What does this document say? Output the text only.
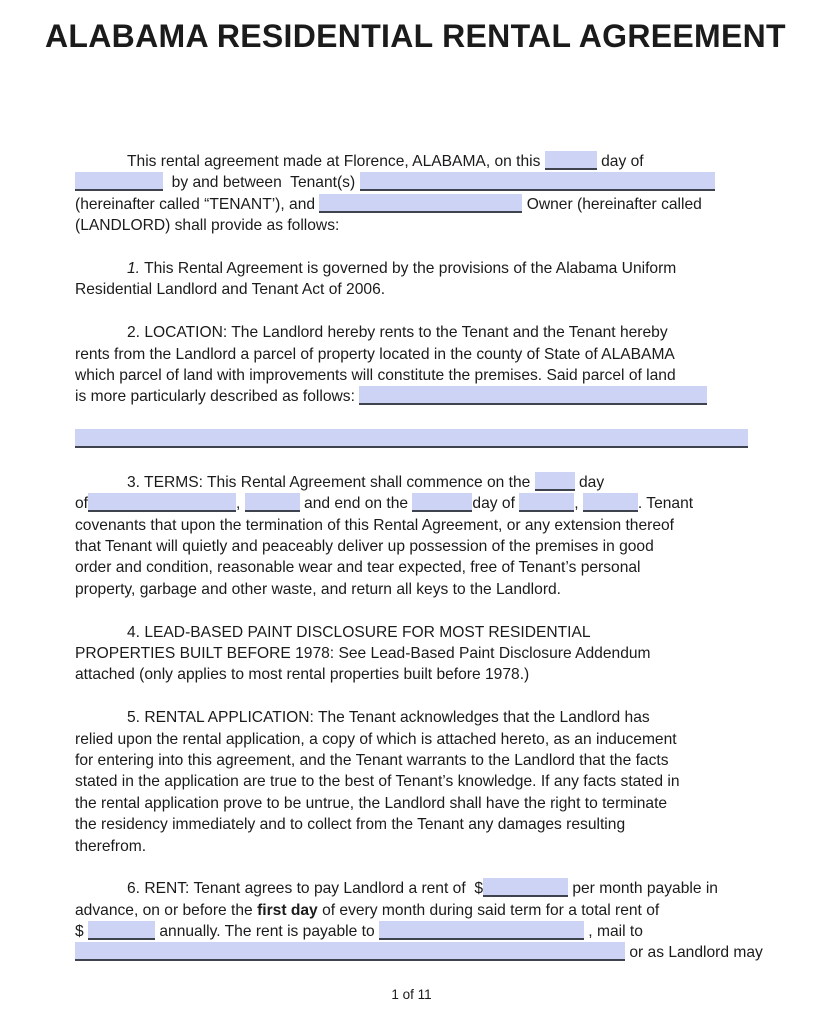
ALABAMA RESIDENTIAL RENTAL AGREEMENT
This rental agreement made at Florence, ALABAMA, on this	day of
by and between  Tenant(s)
(hereinafter called “TENANT’), and	Owner (hereinafter called
(LANDLORD) shall provide as follows:
1. This Rental Agreement is governed by the provisions of the Alabama Uniform
Residential Landlord and Tenant Act of 2006.
2. LOCATION: The Landlord hereby rents to the Tenant and the Tenant hereby
rents from the Landlord a parcel of property located in the county of State of ALABAMA
which parcel of land with improvements will constitute the premises. Said parcel of land
is more particularly described as follows:
3. TERMS: This Rental Agreement shall commence on the	day
of	,	and end on the	day of	,	. Tenant
covenants that upon the termination of this Rental Agreement, or any extension thereof
that Tenant will quietly and peaceably deliver up possession of the premises in good
order and condition, reasonable wear and tear expected, free of Tenant’s personal
property, garbage and other waste, and return all keys to the Landlord.
4. LEAD-BASED PAINT DISCLOSURE FOR MOST RESIDENTIAL
PROPERTIES BUILT BEFORE 1978: See Lead-Based Paint Disclosure Addendum
attached (only applies to most rental properties built before 1978.)
5. RENTAL APPLICATION: The Tenant acknowledges that the Landlord has
relied upon the rental application, a copy of which is attached hereto, as an inducement
for entering into this agreement, and the Tenant warrants to the Landlord that the facts
stated in the application are true to the best of Tenant’s knowledge. If any facts stated in
the rental application prove to be untrue, the Landlord shall have the right to terminate
the residency immediately and to collect from the Tenant any damages resulting
therefrom.
6. RENT: Tenant agrees to pay Landlord a rent of  $	per month payable in
advance, on or before the first day of every month during said term for a total rent of
$	annually. The rent is payable to	, mail to
or as Landlord may
1 of 11
